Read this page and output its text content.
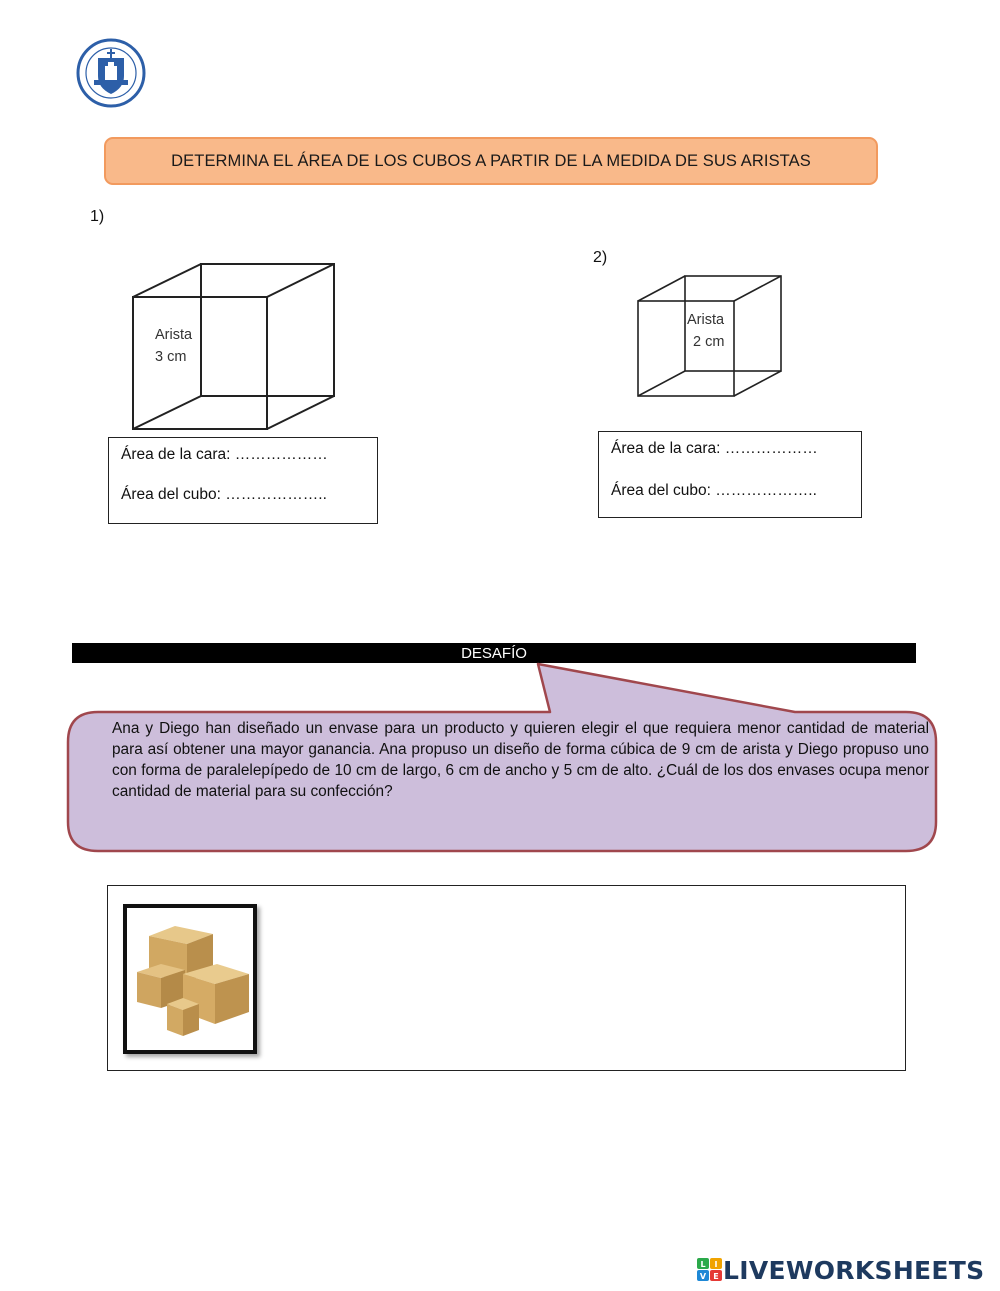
DETERMINA EL ÁREA DE LOS CUBOS A PARTIR DE LA MEDIDA DE SUS ARISTAS
1)
Arista
3 cm
Área de la cara: ………………
Área del cubo: ………………..
2)
Arista
2 cm
Área de la cara: ………………
Área del cubo: ………………..
DESAFÍO
Ana y Diego han diseñado un envase para un producto y quieren elegir el que requiera menor cantidad de material para así obtener una mayor ganancia. Ana propuso un diseño de forma cúbica de 9 cm de arista y Diego propuso uno con forma de paralelepípedo de 10 cm de largo, 6 cm de ancho y 5 cm de alto. ¿Cuál de los dos envases ocupa menor cantidad de material para su confección?
L I
V E LIVEWORKSHEETS
